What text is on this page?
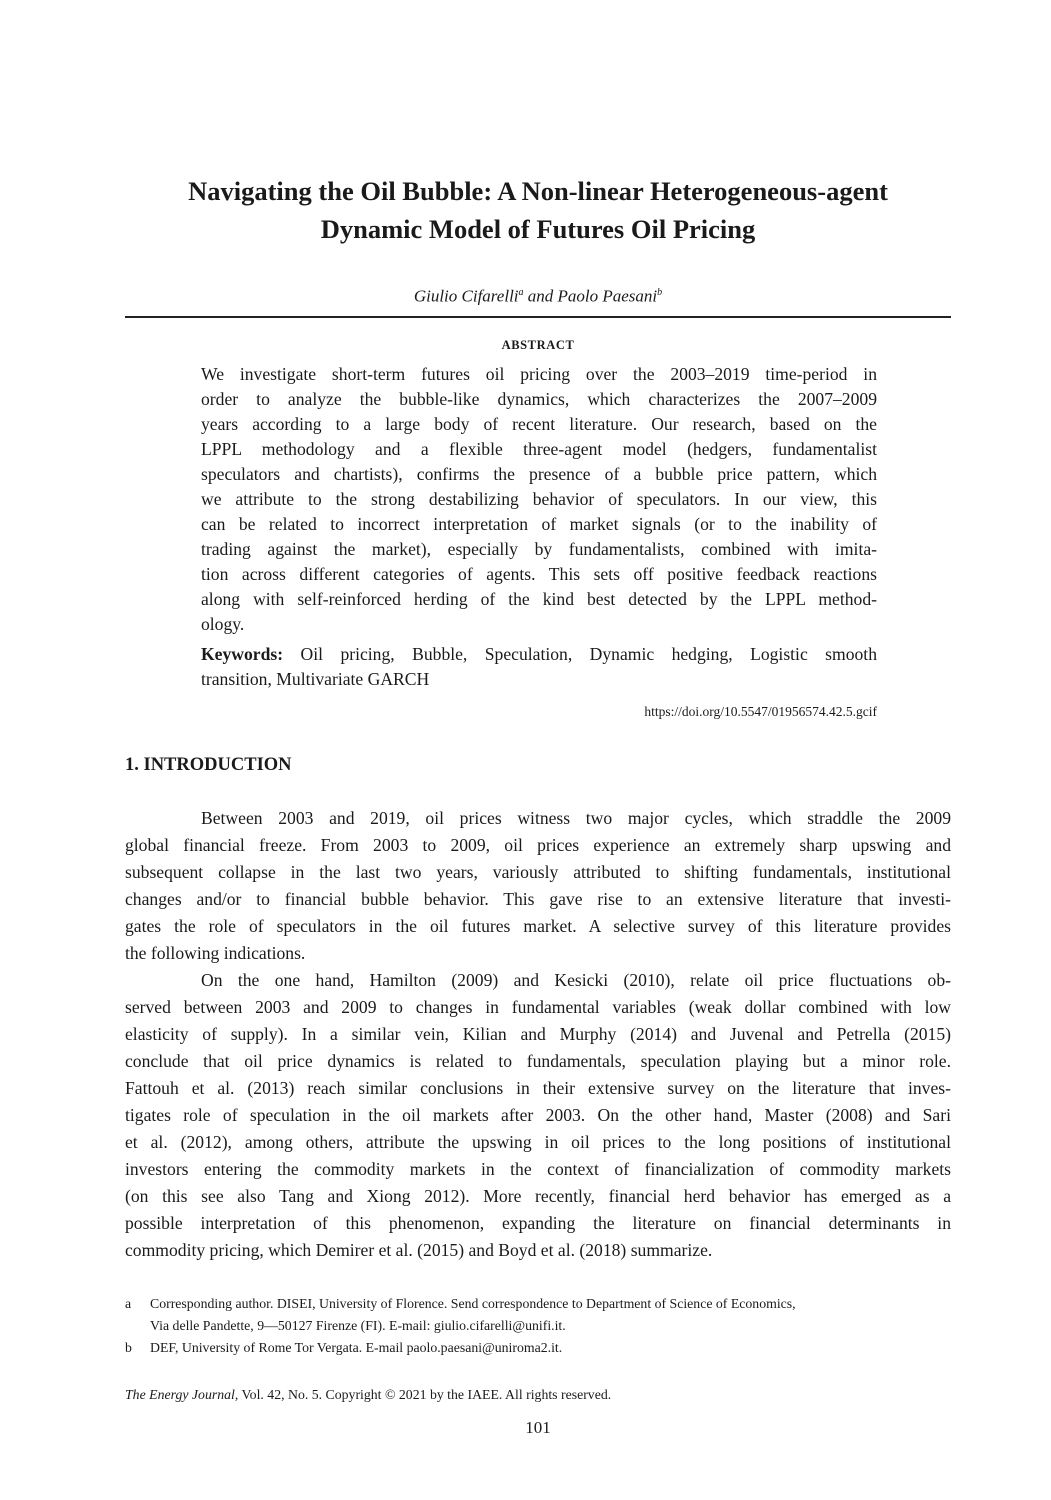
Navigating the Oil Bubble: A Non-linear Heterogeneous-agent
Dynamic Model of Futures Oil Pricing
Giulio Cifarelli$^a$ and Paolo Paesani$^b$
ABSTRACT
We investigate short-term futures oil pricing over the 2003–2019 time-period in
order to analyze the bubble-like dynamics, which characterizes the 2007–2009
years according to a large body of recent literature. Our research, based on the
LPPL methodology and a flexible three-agent model (hedgers, fundamentalist
speculators and chartists), confirms the presence of a bubble price pattern, which
we attribute to the strong destabilizing behavior of speculators. In our view, this
can be related to incorrect interpretation of market signals (or to the inability of
trading against the market), especially by fundamentalists, combined with imita-
tion across different categories of agents. This sets off positive feedback reactions
along with self-reinforced herding of the kind best detected by the LPPL method-
ology.
Keywords: Oil pricing, Bubble, Speculation, Dynamic hedging, Logistic smooth
transition, Multivariate GARCH
https://doi.org/10.5547/01956574.42.5.gcif
1. INTRODUCTION
Between 2003 and 2019, oil prices witness two major cycles, which straddle the 2009
global financial freeze. From 2003 to 2009, oil prices experience an extremely sharp upswing and
subsequent collapse in the last two years, variously attributed to shifting fundamentals, institutional
changes and/or to financial bubble behavior. This gave rise to an extensive literature that investi-
gates the role of speculators in the oil futures market. A selective survey of this literature provides
the following indications.
On the one hand, Hamilton (2009) and Kesicki (2010), relate oil price fluctuations ob-
served between 2003 and 2009 to changes in fundamental variables (weak dollar combined with low
elasticity of supply). In a similar vein, Kilian and Murphy (2014) and Juvenal and Petrella (2015)
conclude that oil price dynamics is related to fundamentals, speculation playing but a minor role.
Fattouh et al. (2013) reach similar conclusions in their extensive survey on the literature that inves-
tigates role of speculation in the oil markets after 2003. On the other hand, Master (2008) and Sari
et al. (2012), among others, attribute the upswing in oil prices to the long positions of institutional
investors entering the commodity markets in the context of financialization of commodity markets
(on this see also Tang and Xiong 2012). More recently, financial herd behavior has emerged as a
possible interpretation of this phenomenon, expanding the literature on financial determinants in
commodity pricing, which Demirer et al. (2015) and Boyd et al. (2018) summarize.
a Corresponding author. DISEI, University of Florence. Send correspondence to Department of Science of Economics,
Via delle Pandette, 9—50127 Firenze (FI). E-mail: giulio.cifarelli@unifi.it.
b DEF, University of Rome Tor Vergata. E-mail paolo.paesani@uniroma2.it.
The Energy Journal, Vol. 42, No. 5. Copyright © 2021 by the IAEE. All rights reserved.
101
